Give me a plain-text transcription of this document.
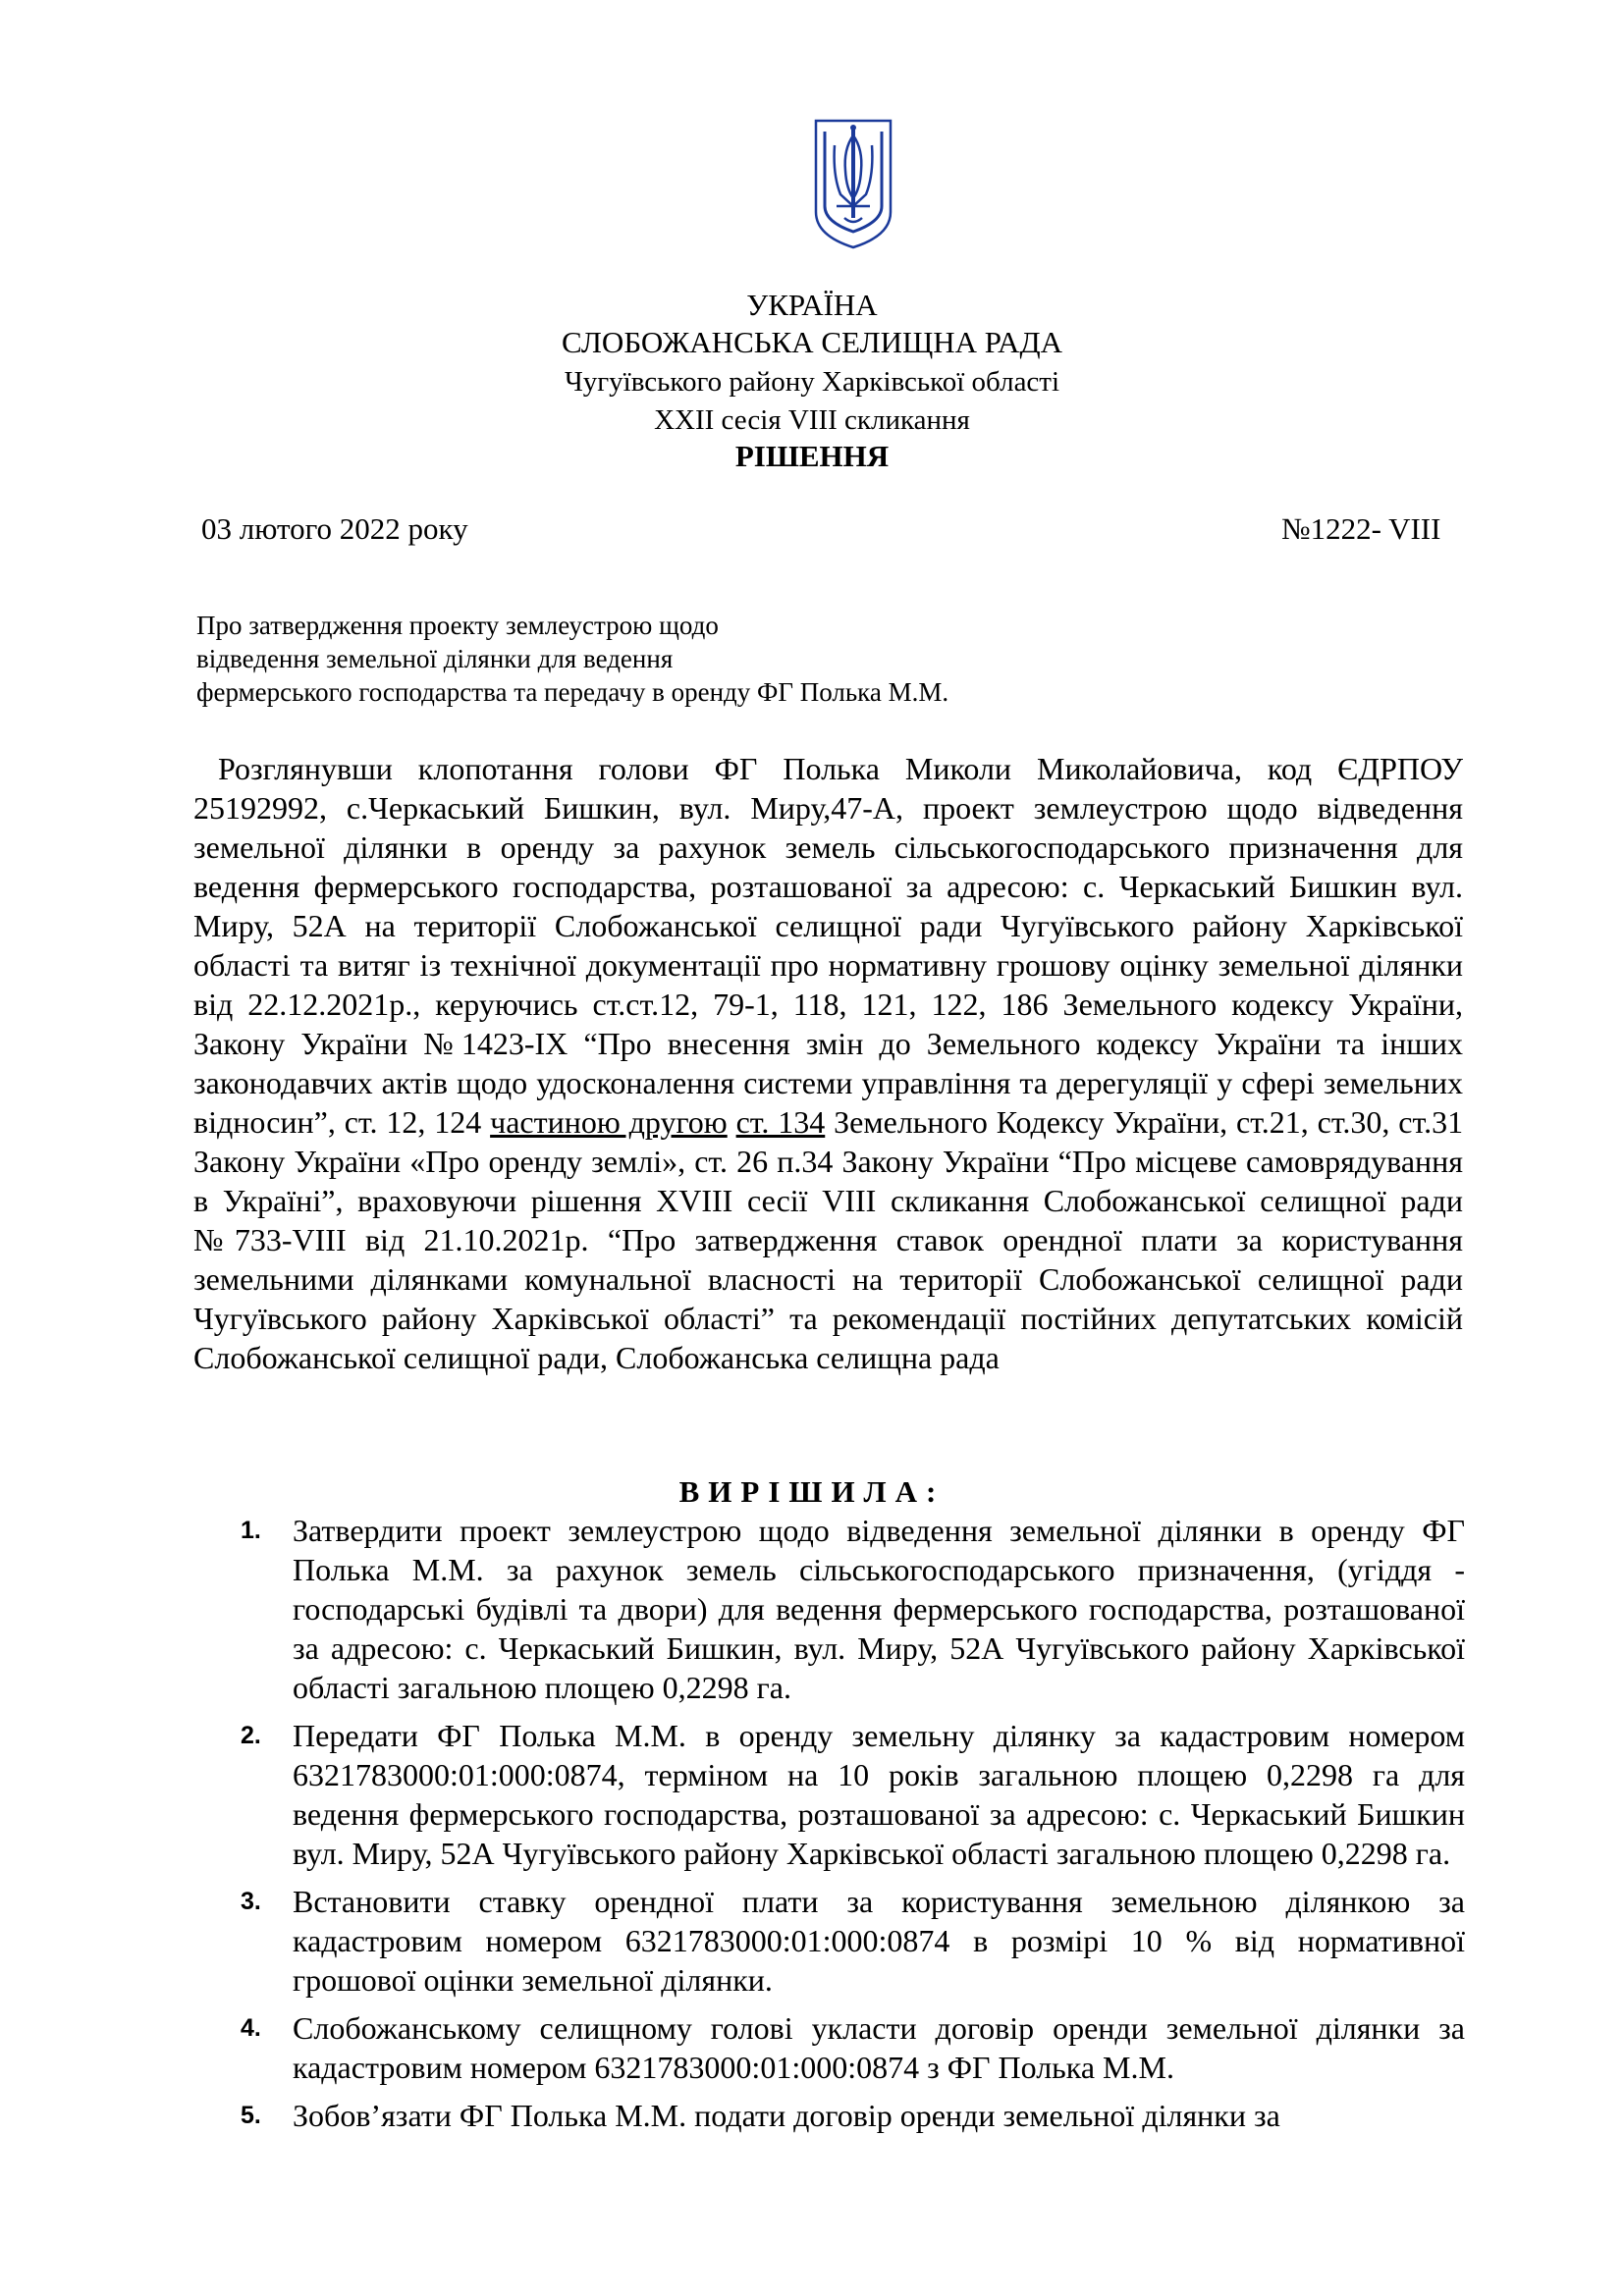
УКРАЇНА
СЛОБОЖАНСЬКА СЕЛИЩНА РАДА
Чугуївського району Харківської області
XXII сесія VIII скликання
РІШЕННЯ
03 лютого 2022 року	№1222- VIII
Про затвердження проекту землеустрою щодо
відведення земельної ділянки для ведення
фермерського господарства та передачу в оренду ФГ Полька М.М.

Розглянувши клопотання голови ФГ Полька Миколи Миколайовича, код ЄДРПОУ 25192992, с.Черкаський Бишкин, вул. Миру,47-А, проект землеустрою щодо відведення земельної ділянки в оренду за рахунок земель сільськогосподарського призначення для ведення фермерського господарства, розташованої за адресою: с. Черкаський Бишкин вул. Миру, 52А на території Слобожанської селищної ради Чугуївського району Харківської області та витяг із технічної документації про нормативну грошову оцінку земельної ділянки від 22.12.2021р., керуючись ст.ст.12, 79-1, 118, 121, 122, 186 Земельного кодексу України, Закону України №1423-IX “Про внесення змін до Земельного кодексу України та інших законодавчих актів щодо удосконалення системи управління та дерегуляції у сфері земельних відносин”, ст. 12, 124 частиною другою ст. 134 Земельного Кодексу України, ст.21, ст.30, ст.31 Закону України «Про оренду землі», ст. 26 п.34 Закону України “Про місцеве самоврядування в Україні”, враховуючи рішення XVIII сесії VIII скликання Слобожанської селищної ради №733-VIII від 21.10.2021р. “Про затвердження ставок орендної плати за користування земельними ділянками комунальної власності на території Слобожанської селищної ради Чугуївського району Харківської області” та рекомендації постійних депутатських комісій Слобожанської селищної ради, Слобожанська селищна рада

ВИРІШИЛА:
1. Затвердити проект землеустрою щодо відведення земельної ділянки в оренду ФГ Полька М.М. за рахунок земель сільськогосподарського призначення, (угіддя - господарські будівлі та двори) для ведення фермерського господарства, розташованої за адресою: с. Черкаський Бишкин, вул. Миру, 52А Чугуївського району Харківської області загальною площею 0,2298 га.
2. Передати ФГ Полька М.М. в оренду земельну ділянку за кадастровим номером 6321783000:01:000:0874, терміном на 10 років загальною площею 0,2298 га для ведення фермерського господарства, розташованої за адресою: с. Черкаський Бишкин вул. Миру, 52А Чугуївського району Харківської області загальною площею 0,2298 га.
3. Встановити ставку орендної плати за користування земельною ділянкою за кадастровим номером 6321783000:01:000:0874 в розмірі 10 % від нормативної грошової оцінки земельної ділянки.
4. Слобожанському селищному голові укласти договір оренди земельної ділянки за кадастровим номером 6321783000:01:000:0874 з ФГ Полька М.М.
5. Зобов’язати ФГ Полька М.М. подати договір оренди земельної ділянки за
